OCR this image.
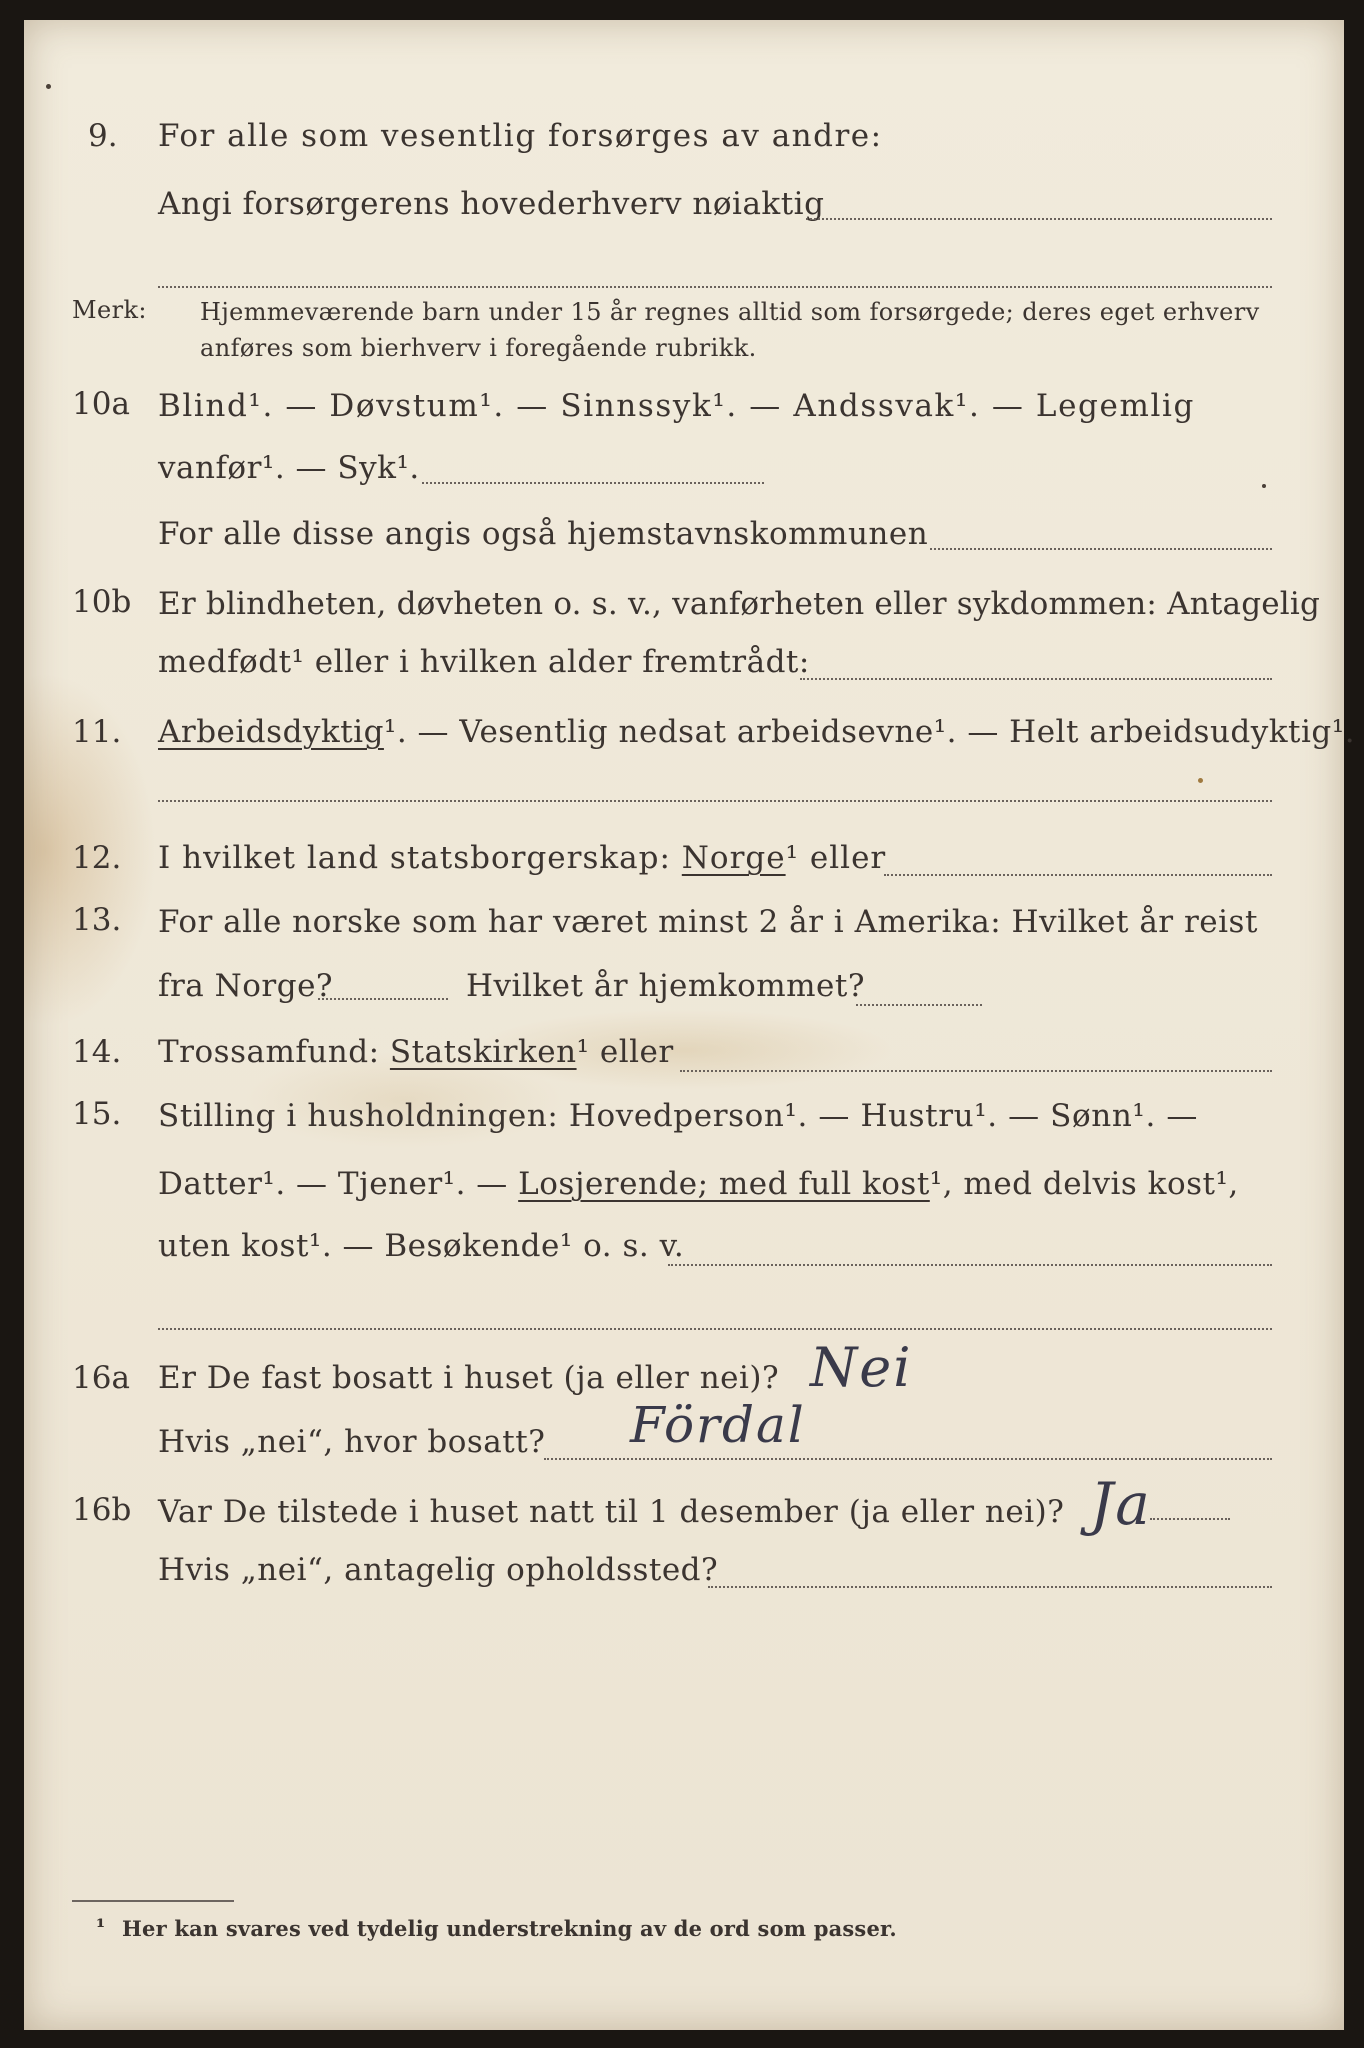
9. For alle som vesentlig forsørges av andre:
Angi forsørgerens hovederhverv nøiaktig
Merk: Hjemmeværende barn under 15 år regnes alltid som forsørgede; deres eget erhverv
anføres som bierhverv i foregående rubrikk.
10a Blind¹. — Døvstum¹. — Sinnssyk¹. — Andssvak¹. — Legemlig
vanfør¹. — Syk¹.
For alle disse angis også hjemstavnskommunen
10b Er blindheten, døvheten o. s. v., vanførheten eller sykdommen: Antagelig
medfødt¹ eller i hvilken alder fremtrådt:
11. Arbeidsdyktig¹. — Vesentlig nedsat arbeidsevne¹. — Helt arbeidsudyktig¹.
12. I hvilket land statsborgerskap: Norge¹ eller
13. For alle norske som har været minst 2 år i Amerika: Hvilket år reist
fra Norge?	Hvilket år hjemkommet?
14. Trossamfund: Statskirken¹ eller
15. Stilling i husholdningen: Hovedperson¹. — Hustru¹. — Sønn¹. —
Datter¹. — Tjener¹. — Losjerende; med full kost¹, med delvis kost¹,
uten kost¹. — Besøkende¹ o. s. v.
16a Er De fast bosatt i huset (ja eller nei)? Nei
Hvis „nei“, hvor bosatt? Fördal
16b Var De tilstede i huset natt til 1 desember (ja eller nei)? Ja
Hvis „nei“, antagelig opholdssted?
¹ Her kan svares ved tydelig understrekning av de ord som passer.
